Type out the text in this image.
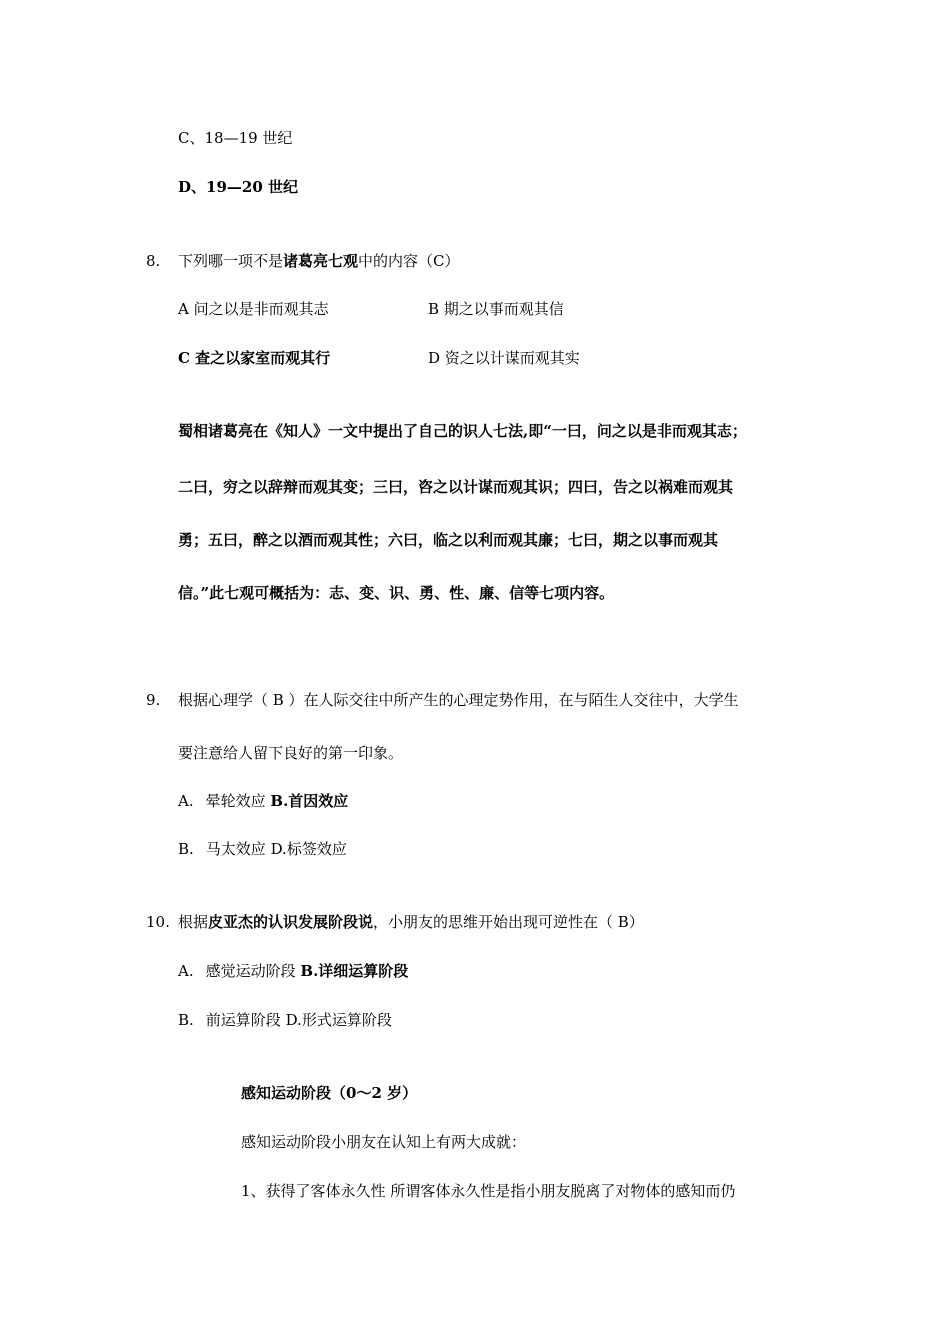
C、18—19 世纪
D、19—20 世纪
8. 下列哪一项不是诸葛亮七观中的内容（C）
A 问之以是非而观其志	B 期之以事而观其信
C 查之以家室而观其行	D 资之以计谋而观其实
蜀相诸葛亮在《知人》一文中提出了自己的识人七法,即“一曰，问之以是非而观其志；
二曰，穷之以辞辩而观其变；三曰，咨之以计谋而观其识；四曰，告之以祸难而观其
勇；五曰，醉之以酒而观其性；六曰，临之以利而观其廉；七曰，期之以事而观其
信。”此七观可概括为：志、变、识、勇、性、廉、信等七项内容。
9. 根据心理学（ B ）在人际交往中所产生的心理定势作用，在与陌生人交往中，大学生
要注意给人留下良好的第一印象。
A. 晕轮效应 B.首因效应
B. 马太效应 D.标签效应
10. 根据皮亚杰的认识发展阶段说，小朋友的思维开始出现可逆性在（ B）
A. 感觉运动阶段 B.详细运算阶段
B. 前运算阶段 D.形式运算阶段
感知运动阶段（0～2 岁）
感知运动阶段小朋友在认知上有两大成就：
1、获得了客体永久性 所谓客体永久性是指小朋友脱离了对物体的感知而仍
